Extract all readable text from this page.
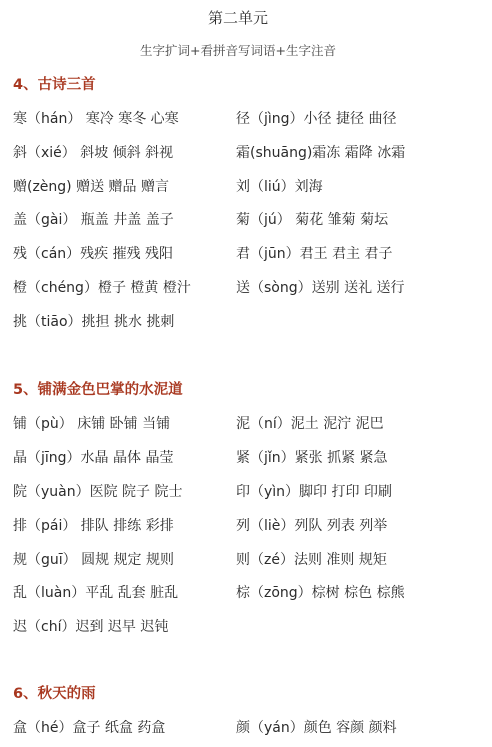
第二单元
生字扩词+看拼音写词语+生字注音
4、古诗三首
寒（hán） 寒冷 寒冬 心寒	径（jìng）小径 捷径 曲径
斜（xié） 斜坡 倾斜 斜视	霜(shuāng)霜冻 霜降 冰霜
赠(zèng) 赠送 赠品 赠言	刘（liú）刘海
盖（gài） 瓶盖 井盖 盖子	菊（jú） 菊花 雏菊 菊坛
残（cán）残疾 摧残 残阳	君（jūn）君王 君主 君子
橙（chéng）橙子 橙黄 橙汁	送（sòng）送别 送礼 送行
挑（tiāo）挑担 挑水 挑刺
5、铺满金色巴掌的水泥道
铺（pù） 床铺 卧铺 当铺	泥（ní）泥土 泥泞 泥巴
晶（jīng）水晶 晶体 晶莹	紧（jǐn）紧张 抓紧 紧急
院（yuàn）医院 院子 院士	印（yìn）脚印 打印 印刷
排（pái） 排队 排练 彩排	列（liè）列队 列表 列举
规（guī） 圆规 规定 规则	则（zé）法则 准则 规矩
乱（luàn）平乱 乱套 脏乱	棕（zōng）棕树 棕色 棕熊
迟（chí）迟到 迟早 迟钝
6、秋天的雨
盒（hé）盒子 纸盒 药盒	颜（yán）颜色 容颜 颜料
